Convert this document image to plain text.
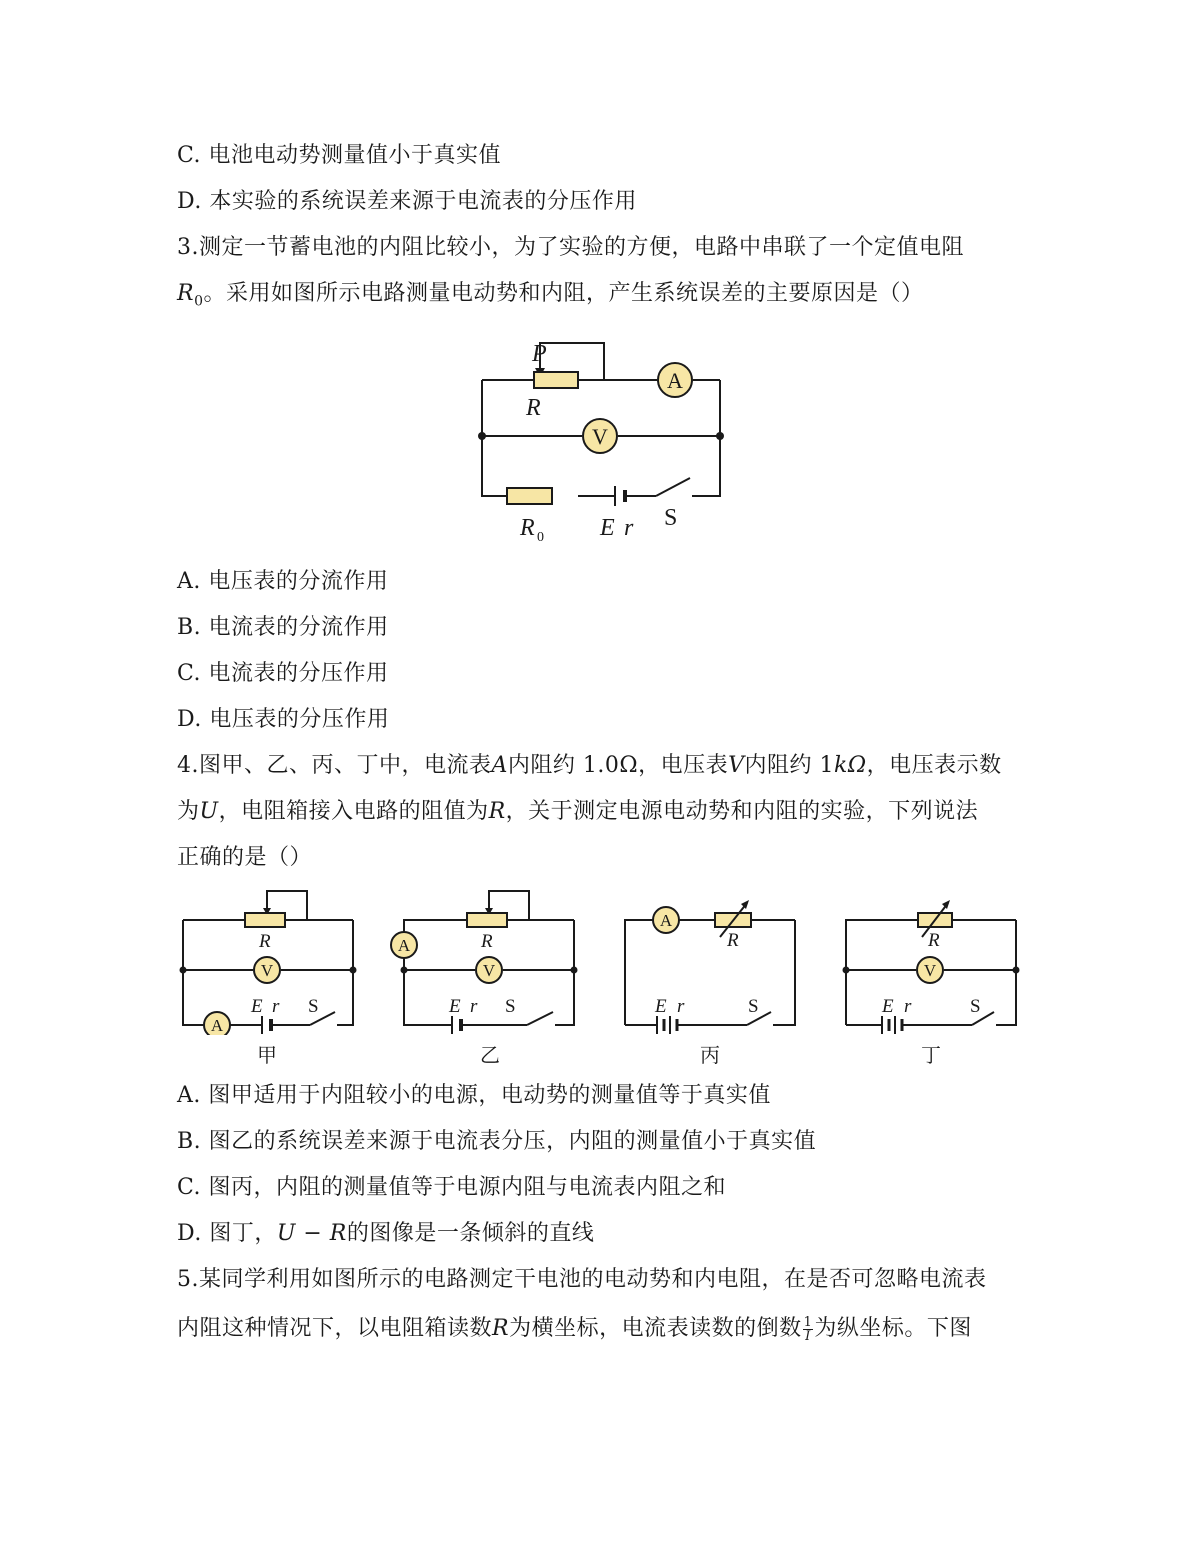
C. 电池电动势测量值小于真实值
D. 本实验的系统误差来源于电流表的分压作用
3.测定一节蓄电池的内阻比较小，为了实验的方便，电路中串联了一个定值电阻
$R_0$。采用如图所示电路测量电动势和内阻，产生系统误差的主要原因是（）
A
V
P
R
R 0 E r S
A. 电压表的分流作用
B. 电流表的分流作用
C. 电流表的分压作用
D. 电压表的分压作用
4.图甲、乙、丙、丁中，电流表A内阻约 1.0Ω，电压表V内阻约 1kΩ，电压表示数
为U，电阻箱接入电路的阻值为R，关于测定电源电动势和内阻的实验，下列说法
正确的是（）
V
A
R
E r S
甲
A
V
R
E r S
乙
A
R
E r	S
丙
V
R
E r	S
丁
A. 图甲适用于内阻较小的电源，电动势的测量值等于真实值
B. 图乙的系统误差来源于电流表分压，内阻的测量值小于真实值
C. 图丙，内阻的测量值等于电源内阻与电流表内阻之和
D. 图丁，U − R的图像是一条倾斜的直线
5.某同学利用如图所示的电路测定干电池的电动势和内电阻，在是否可忽略电流表
内阻这种情况下，以电阻箱读数R为横坐标，电流表读数的倒数 $\frac{1}{I}$ 为纵坐标。下图
